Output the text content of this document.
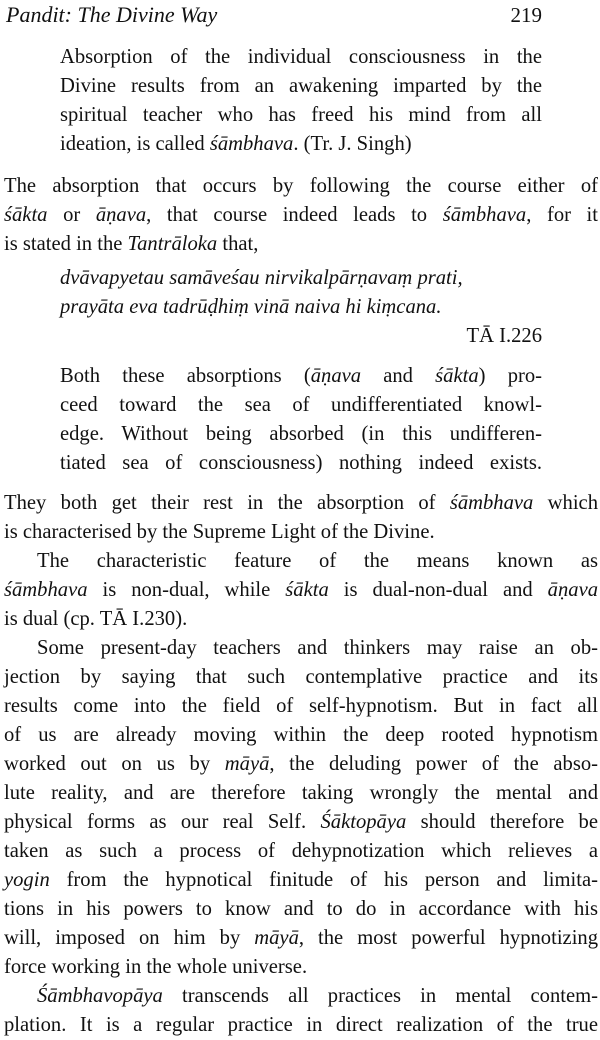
Pandit: The Divine Way	219
Absorption of the individual consciousness in the
Divine results from an awakening imparted by the
spiritual teacher who has freed his mind from all
ideation, is called śāmbhava. (Tr. J. Singh)
The absorption that occurs by following the course either of
śākta or āṇava, that course indeed leads to śāmbhava, for it
is stated in the Tantrāloka that,
dvāvapyetau samāveśau nirvikalpārṇavaṃ prati,
prayāta eva tadrūḍhiṃ vinā naiva hi kiṃcana.
TĀ I.226
Both these absorptions (āṇava and śākta) pro-
ceed toward the sea of undifferentiated knowl-
edge. Without being absorbed (in this undifferen-
tiated sea of consciousness) nothing indeed exists.
They both get their rest in the absorption of śāmbhava which
is characterised by the Supreme Light of the Divine.
The characteristic feature of the means known as
śāmbhava is non-dual, while śākta is dual-non-dual and āṇava
is dual (cp. TĀ I.230).
Some present-day teachers and thinkers may raise an ob-
jection by saying that such contemplative practice and its
results come into the field of self-hypnotism. But in fact all
of us are already moving within the deep rooted hypnotism
worked out on us by māyā, the deluding power of the abso-
lute reality, and are therefore taking wrongly the mental and
physical forms as our real Self. Śāktopāya should therefore be
taken as such a process of dehypnotization which relieves a
yogin from the hypnotical finitude of his person and limita-
tions in his powers to know and to do in accordance with his
will, imposed on him by māyā, the most powerful hypnotizing
force working in the whole universe.
Śāmbhavopāya transcends all practices in mental contem-
plation. It is a regular practice in direct realization of the true
